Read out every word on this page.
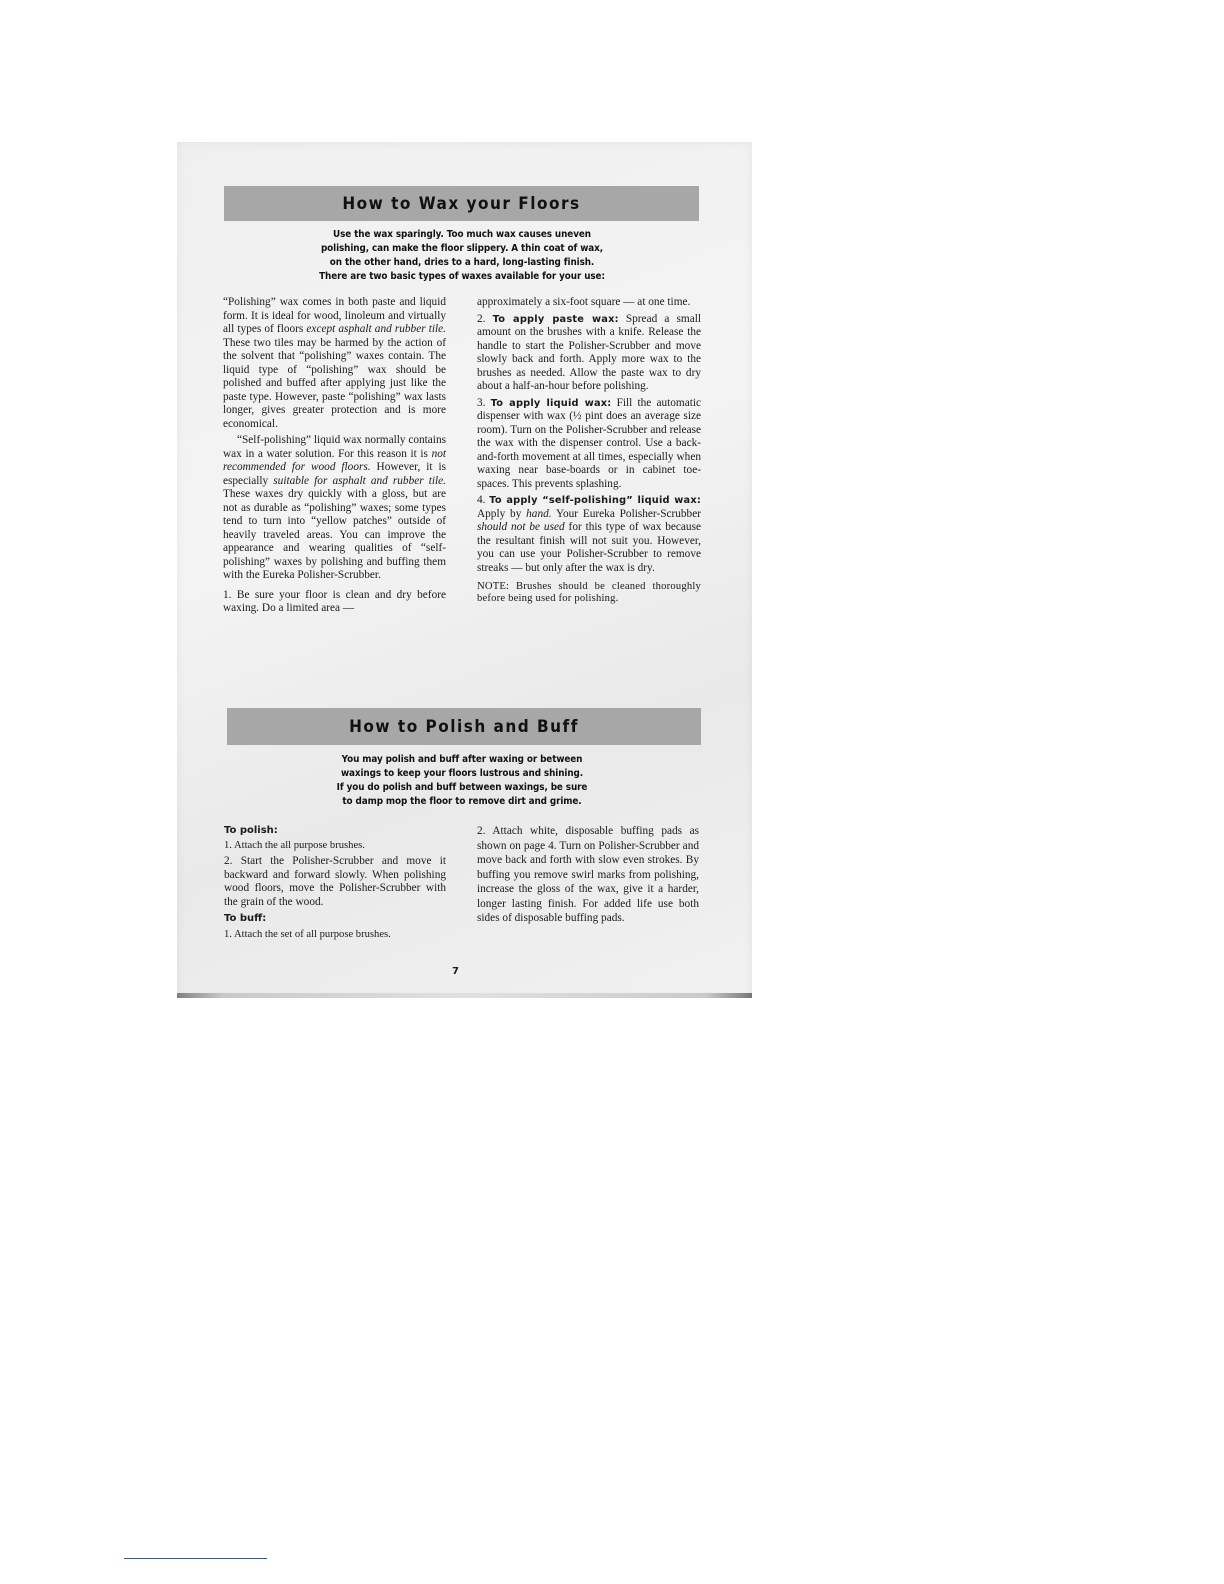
How to Wax your Floors
Use the wax sparingly. Too much wax causes uneven
polishing, can make the floor slippery. A thin coat of wax,
on the other hand, dries to a hard, long-lasting finish.
There are two basic types of waxes available for your use:

“Polishing” wax comes in both paste and liquid form. It is ideal for wood, linoleum and virtually all types of floors except asphalt and rubber tile. These two tiles may be harmed by the action of the solvent that “polishing” waxes contain. The liquid type of “polishing” wax should be polished and buffed after applying just like the paste type. However, paste “polishing” wax lasts longer, gives greater protection and is more economical.

“Self-polishing” liquid wax normally contains wax in a water solution. For this reason it is not recommended for wood floors. However, it is especially suitable for asphalt and rubber tile. These waxes dry quickly with a gloss, but are not as durable as “polishing” waxes; some types tend to turn into “yellow patches” outside of heavily traveled areas. You can improve the appearance and wearing qualities of “self-polishing” waxes by polishing and buffing them with the Eureka Polisher-Scrubber.

1. Be sure your floor is clean and dry before waxing. Do a limited area —

approximately a six-foot square — at one time.

2. To apply paste wax: Spread a small amount on the brushes with a knife. Release the handle to start the Polisher-Scrubber and move slowly back and forth. Apply more wax to the brushes as needed. Allow the paste wax to dry about a half-an-hour before polishing.

3. To apply liquid wax: Fill the automatic dispenser with wax (½ pint does an average size room). Turn on the Polisher-Scrubber and release the wax with the dispenser control. Use a back-and-forth movement at all times, especially when waxing near base-boards or in cabinet toe-spaces. This prevents splashing.

4. To apply “self-polishing” liquid wax: Apply by hand. Your Eureka Polisher-Scrubber should not be used for this type of wax because the resultant finish will not suit you. However, you can use your Polisher-Scrubber to remove streaks — but only after the wax is dry.

NOTE: Brushes should be cleaned thoroughly before being used for polishing.

How to Polish and Buff
You may polish and buff after waxing or between
waxings to keep your floors lustrous and shining.
If you do polish and buff between waxings, be sure
to damp mop the floor to remove dirt and grime.
To polish:

1. Attach the all purpose brushes.

2. Start the Polisher-Scrubber and move it backward and forward slowly. When polishing wood floors, move the Polisher-Scrubber with the grain of the wood.

To buff:

1. Attach the set of all purpose brushes.

2. Attach white, disposable buffing pads as shown on page 4. Turn on Polisher-Scrubber and move back and forth with slow even strokes. By buffing you remove swirl marks from polishing, increase the gloss of the wax, give it a harder, longer lasting finish. For added life use both sides of disposable buffing pads.

7
